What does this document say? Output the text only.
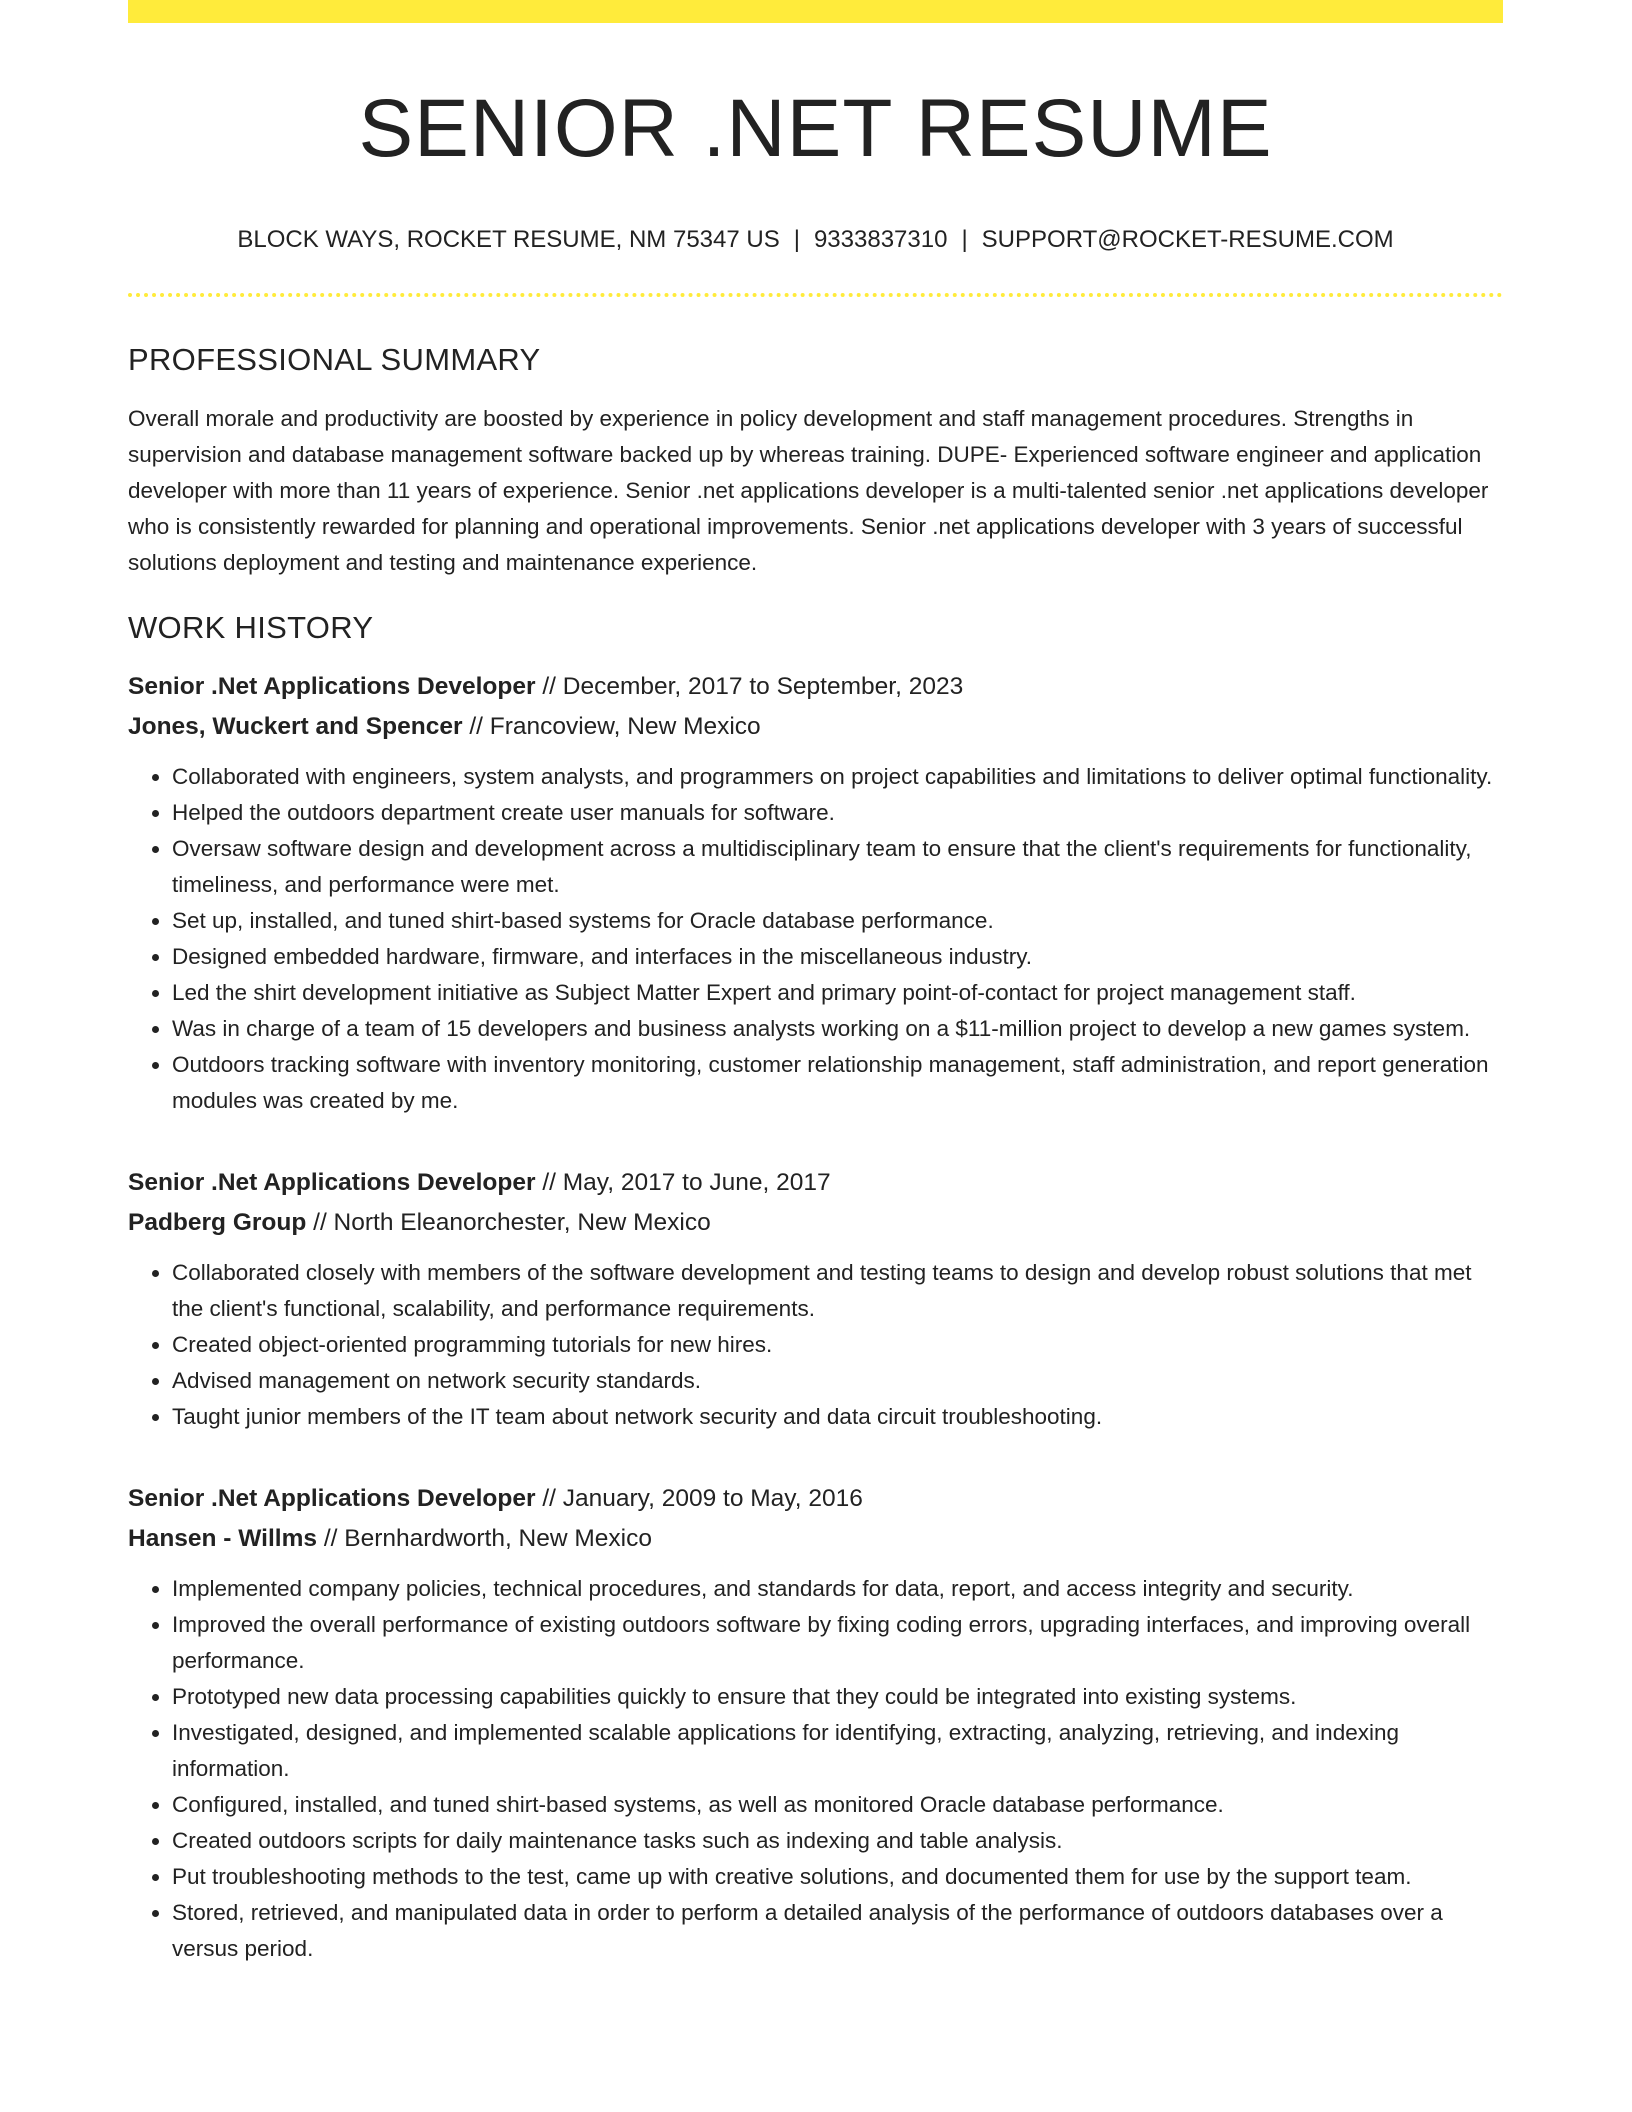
SENIOR .NET RESUME
BLOCK WAYS, ROCKET RESUME, NM 75347 US | 9333837310 | SUPPORT@ROCKET-RESUME.COM
PROFESSIONAL SUMMARY
Overall morale and productivity are boosted by experience in policy development and staff management procedures. Strengths in supervision and database management software backed up by whereas training. DUPE- Experienced software engineer and application developer with more than 11 years of experience. Senior .net applications developer is a multi-talented senior .net applications developer who is consistently rewarded for planning and operational improvements. Senior .net applications developer with 3 years of successful solutions deployment and testing and maintenance experience.
WORK HISTORY
Senior .Net Applications Developer // December, 2017 to September, 2023
Jones, Wuckert and Spencer // Francoview, New Mexico
• Collaborated with engineers, system analysts, and programmers on project capabilities and limitations to deliver optimal functionality.
• Helped the outdoors department create user manuals for software.
• Oversaw software design and development across a multidisciplinary team to ensure that the client's requirements for functionality, timeliness, and performance were met.
• Set up, installed, and tuned shirt-based systems for Oracle database performance.
• Designed embedded hardware, firmware, and interfaces in the miscellaneous industry.
• Led the shirt development initiative as Subject Matter Expert and primary point-of-contact for project management staff.
• Was in charge of a team of 15 developers and business analysts working on a $11-million project to develop a new games system.
• Outdoors tracking software with inventory monitoring, customer relationship management, staff administration, and report generation modules was created by me.
Senior .Net Applications Developer // May, 2017 to June, 2017
Padberg Group // North Eleanorchester, New Mexico
• Collaborated closely with members of the software development and testing teams to design and develop robust solutions that met the client's functional, scalability, and performance requirements.
• Created object-oriented programming tutorials for new hires.
• Advised management on network security standards.
• Taught junior members of the IT team about network security and data circuit troubleshooting.
Senior .Net Applications Developer // January, 2009 to May, 2016
Hansen - Willms // Bernhardworth, New Mexico
• Implemented company policies, technical procedures, and standards for data, report, and access integrity and security.
• Improved the overall performance of existing outdoors software by fixing coding errors, upgrading interfaces, and improving overall performance.
• Prototyped new data processing capabilities quickly to ensure that they could be integrated into existing systems.
• Investigated, designed, and implemented scalable applications for identifying, extracting, analyzing, retrieving, and indexing information.
• Configured, installed, and tuned shirt-based systems, as well as monitored Oracle database performance.
• Created outdoors scripts for daily maintenance tasks such as indexing and table analysis.
• Put troubleshooting methods to the test, came up with creative solutions, and documented them for use by the support team.
• Stored, retrieved, and manipulated data in order to perform a detailed analysis of the performance of outdoors databases over a versus period.
